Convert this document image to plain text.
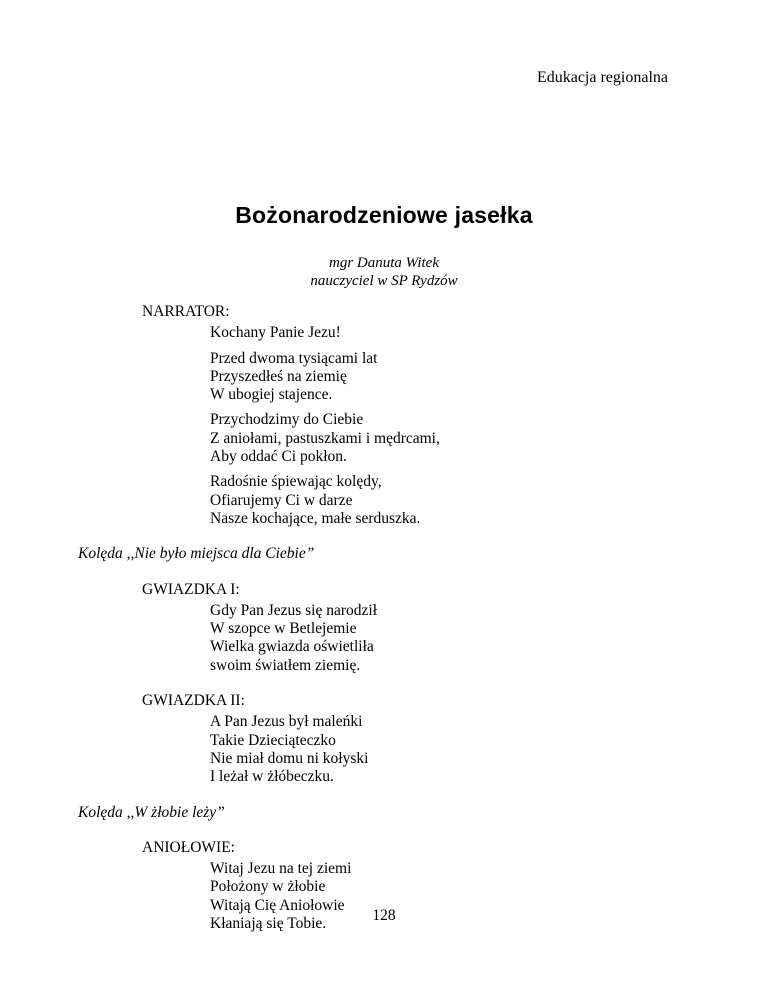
Edukacja regionalna
Bożonarodzeniowe jasełka
mgr Danuta Witek
nauczyciel w SP Rydzów
NARRATOR:
Kochany Panie Jezu!
Przed dwoma tysiącami lat
Przyszedłeś na ziemię
W ubogiej stajence.
Przychodzimy do Ciebie
Z aniołami, pastuszkami i mędrcami,
Aby oddać Ci pokłon.
Radośnie śpiewając kolędy,
Ofiarujemy Ci w darze
Nasze kochające, małe serduszka.
Kolęda ,,Nie było miejsca dla Ciebie”
GWIAZDKA I:
Gdy Pan Jezus się narodził
W szopce w Betlejemie
Wielka gwiazda oświetliła
swoim światłem ziemię.
GWIAZDKA II:
A Pan Jezus był maleńki
Takie Dzieciąteczko
Nie miał domu ni kołyski
I leżał w żłóbeczku.
Kolęda ,,W żłobie leży”
ANIOŁOWIE:
Witaj Jezu na tej ziemi
Położony w żłobie
Witają Cię Aniołowie
Kłaniają się Tobie.	128
